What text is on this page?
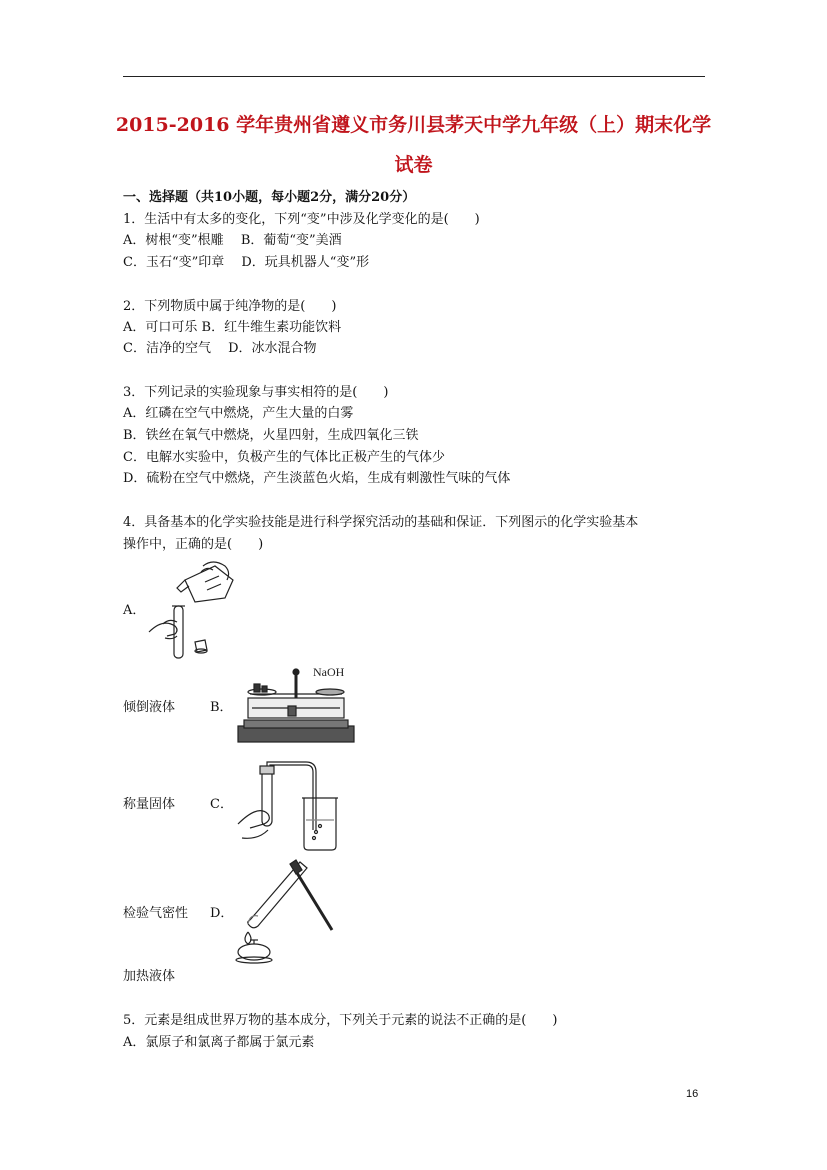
2015-2016 学年贵州省遵义市务川县茅天中学九年级（上）期末化学
试卷
一、选择题（共10小题，每小题2分，满分20分）
1．生活中有太多的变化，下列“变”中涉及化学变化的是(　　)
A．树根“变”根雕　 B．葡萄“变”美酒
C．玉石“变”印章　 D．玩具机器人“变”形
2．下列物质中属于纯净物的是(　　)
A．可口可乐 B．红牛维生素功能饮料
C．洁净的空气　 D．冰水混合物
3．下列记录的实验现象与事实相符的是(　　)
A．红磷在空气中燃烧，产生大量的白雾
B．铁丝在氧气中燃烧，火星四射，生成四氧化三铁
C．电解水实验中，负极产生的气体比正极产生的气体少
D．硫粉在空气中燃烧，产生淡蓝色火焰，生成有刺激性气味的气体
4．具备基本的化学实验技能是进行科学探究活动的基础和保证．下列图示的化学实验基本
操作中，正确的是(　　)
A．
倾倒液体	B．
NaOH
称量固体	C．
检验气密性 D．
加热液体
5．元素是组成世界万物的基本成分，下列关于元素的说法不正确的是(　　)
A．氯原子和氯离子都属于氯元素
16
